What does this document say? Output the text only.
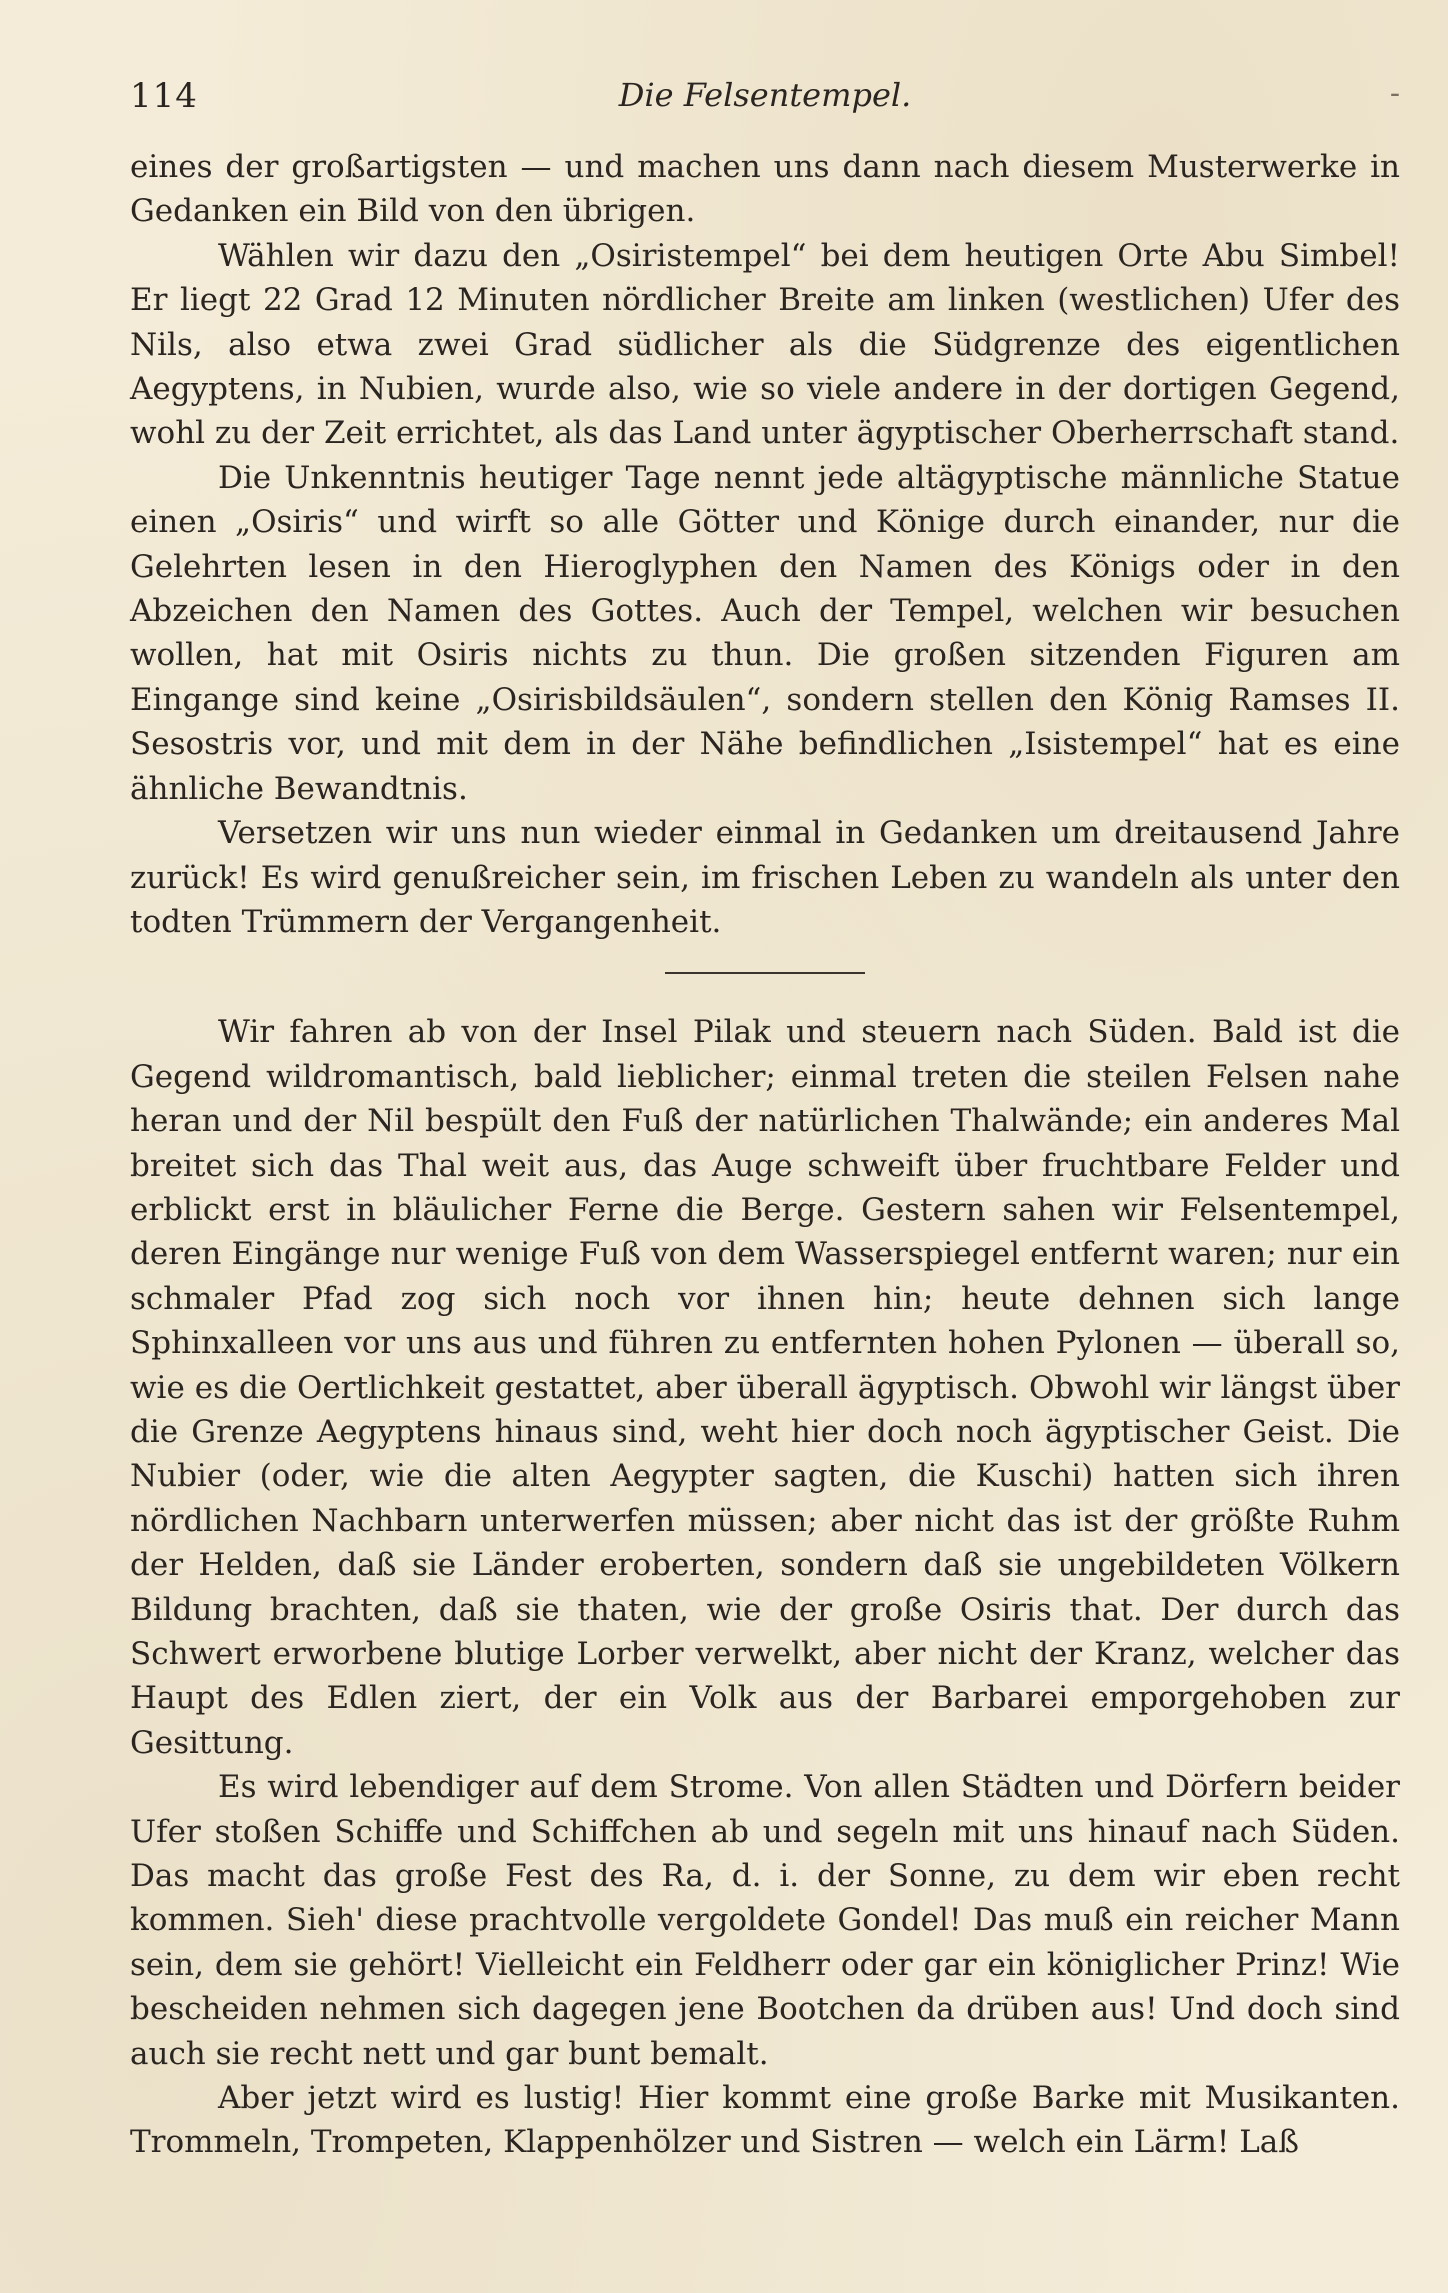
114	Die Felsentempel.	-

eines der großartigsten — und machen uns dann nach diesem Musterwerke in Gedanken ein Bild von den übrigen.

Wählen wir dazu den „Osiristempel“ bei dem heutigen Orte Abu Simbel! Er liegt 22 Grad 12 Minuten nördlicher Breite am linken (westlichen) Ufer des Nils, also etwa zwei Grad südlicher als die Südgrenze des eigentlichen Aegyptens, in Nubien, wurde also, wie so viele andere in der dortigen Gegend, wohl zu der Zeit errichtet, als das Land unter ägyptischer Oberherrschaft stand.

Die Unkenntnis heutiger Tage nennt jede altägyptische männliche Statue einen „Osiris“ und wirft so alle Götter und Könige durch einander, nur die Gelehrten lesen in den Hieroglyphen den Namen des Königs oder in den Abzeichen den Namen des Gottes. Auch der Tempel, welchen wir besuchen wollen, hat mit Osiris nichts zu thun. Die großen sitzenden Figuren am Eingange sind keine „Osirisbildsäulen“, sondern stellen den König Ramses II. Sesostris vor, und mit dem in der Nähe befindlichen „Isistempel“ hat es eine ähnliche Bewandtnis.

Versetzen wir uns nun wieder einmal in Gedanken um dreitausend Jahre zurück! Es wird genußreicher sein, im frischen Leben zu wandeln als unter den todten Trümmern der Vergangenheit.

Wir fahren ab von der Insel Pilak und steuern nach Süden. Bald ist die Gegend wildromantisch, bald lieblicher; einmal treten die steilen Felsen nahe heran und der Nil bespült den Fuß der natürlichen Thalwände; ein anderes Mal breitet sich das Thal weit aus, das Auge schweift über fruchtbare Felder und erblickt erst in bläulicher Ferne die Berge. Gestern sahen wir Felsentempel, deren Eingänge nur wenige Fuß von dem Wasserspiegel entfernt waren; nur ein schmaler Pfad zog sich noch vor ihnen hin; heute dehnen sich lange Sphinxalleen vor uns aus und führen zu entfernten hohen Pylonen — überall so, wie es die Oertlichkeit gestattet, aber überall ägyptisch. Obwohl wir längst über die Grenze Aegyptens hinaus sind, weht hier doch noch ägyptischer Geist. Die Nubier (oder, wie die alten Aegypter sagten, die Kuschi) hatten sich ihren nördlichen Nachbarn unterwerfen müssen; aber nicht das ist der größte Ruhm der Helden, daß sie Länder eroberten, sondern daß sie ungebildeten Völkern Bildung brachten, daß sie thaten, wie der große Osiris that. Der durch das Schwert erworbene blutige Lorber verwelkt, aber nicht der Kranz, welcher das Haupt des Edlen ziert, der ein Volk aus der Barbarei emporgehoben zur Gesittung.

Es wird lebendiger auf dem Strome. Von allen Städten und Dörfern beider Ufer stoßen Schiffe und Schiffchen ab und segeln mit uns hinauf nach Süden. Das macht das große Fest des Ra, d. i. der Sonne, zu dem wir eben recht kommen. Sieh' diese prachtvolle vergoldete Gondel! Das muß ein reicher Mann sein, dem sie gehört! Vielleicht ein Feldherr oder gar ein königlicher Prinz! Wie bescheiden nehmen sich dagegen jene Bootchen da drüben aus! Und doch sind auch sie recht nett und gar bunt bemalt.

Aber jetzt wird es lustig! Hier kommt eine große Barke mit Musikanten. Trommeln, Trompeten, Klappenhölzer und Sistren — welch ein Lärm! Laß
